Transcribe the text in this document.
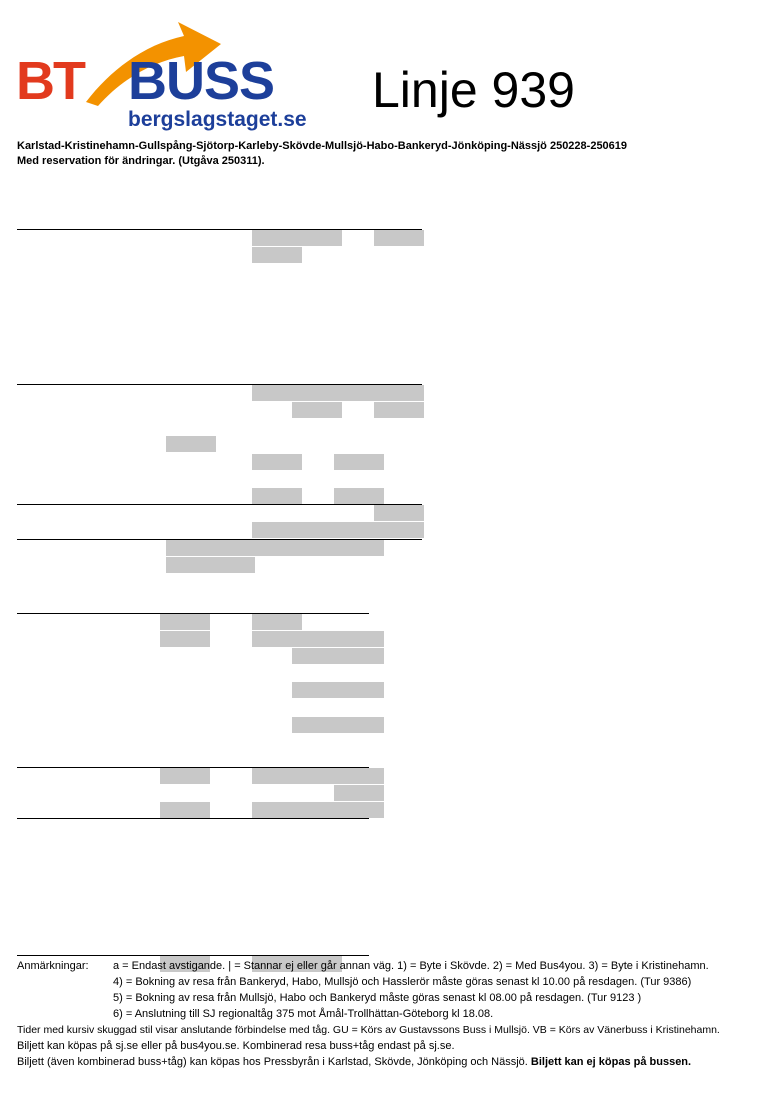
BT BUSS
bergslagstaget.se
Linje 939
Karlstad-Kristinehamn-Gullspång-Sjötorp-Karleby-Skövde-Mullsjö-Habo-Bankeryd-Jönköping-Nässjö 250228-250619
Med reservation för ändringar. (Utgåva 250311).
Anmärkningar: a = Endast avstigande. | = Stannar ej eller går annan väg. 1) = Byte i Skövde. 2) = Med Bus4you. 3) = Byte i Kristinehamn.
4) = Bokning av resa från Bankeryd, Habo, Mullsjö och Hasslerör måste göras senast kl 10.00 på resdagen. (Tur 9386)
5) = Bokning av resa från Mullsjö, Habo och Bankeryd måste göras senast kl 08.00 på resdagen. (Tur 9123 )
6) = Anslutning till SJ regionaltåg 375 mot Åmål-Trollhättan-Göteborg kl 18.08.
Tider med kursiv skuggad stil visar anslutande förbindelse med tåg. GU = Körs av Gustavssons Buss i Mullsjö. VB = Körs av Vänerbuss i Kristinehamn.
Biljett kan köpas på sj.se eller på bus4you.se. Kombinerad resa buss+tåg endast på sj.se.
Biljett (även kombinerad buss+tåg) kan köpas hos Pressbyrån i Karlstad, Skövde, Jönköping och Nässjö. Biljett kan ej köpas på bussen.
